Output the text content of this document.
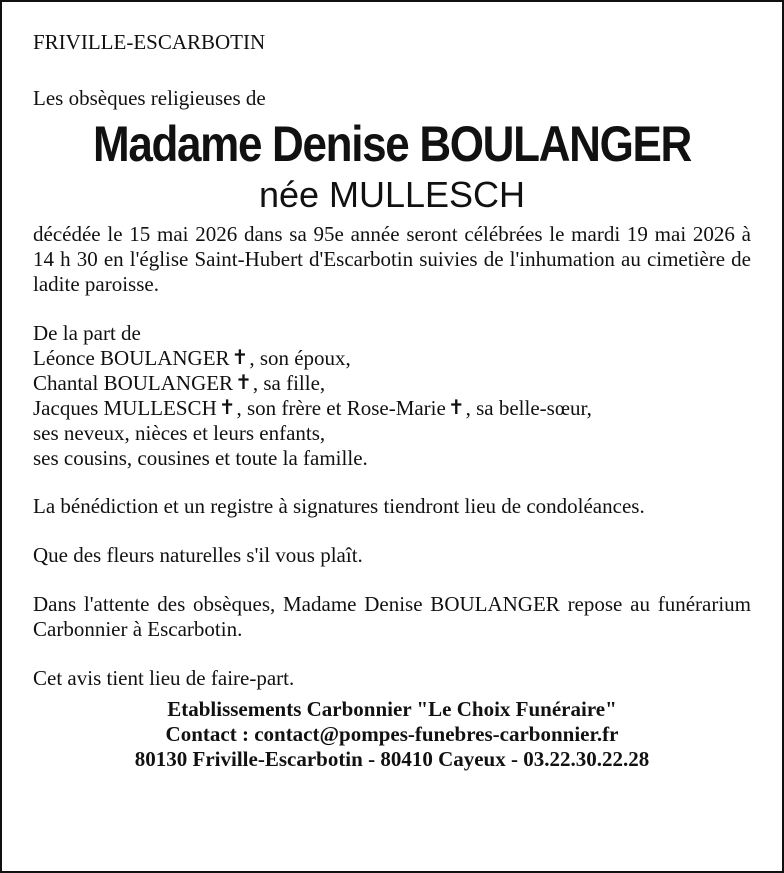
FRIVILLE-ESCARBOTIN
Les obsèques religieuses de
Madame Denise BOULANGER
née MULLESCH
décédée le 15 mai 2026 dans sa 95e année seront célébrées le mardi 19 mai 2026 à 14 h 30 en l'église Saint-Hubert d'Escarbotin suivies de l'inhumation au cimetière de ladite paroisse.
De la part de
Léonce BOULANGER ✝, son époux,
Chantal BOULANGER ✝, sa fille,
Jacques MULLESCH ✝, son frère et Rose-Marie ✝, sa belle-sœur,
ses neveux, nièces et leurs enfants,
ses cousins, cousines et toute la famille.
La bénédiction et un registre à signatures tiendront lieu de condoléances.
Que des fleurs naturelles s'il vous plaît.
Dans l'attente des obsèques, Madame Denise BOULANGER repose au funérarium Carbonnier à Escarbotin.
Cet avis tient lieu de faire-part.
Etablissements Carbonnier "Le Choix Funéraire"
Contact : contact@pompes-funebres-carbonnier.fr
80130 Friville-Escarbotin - 80410 Cayeux - 03.22.30.22.28
